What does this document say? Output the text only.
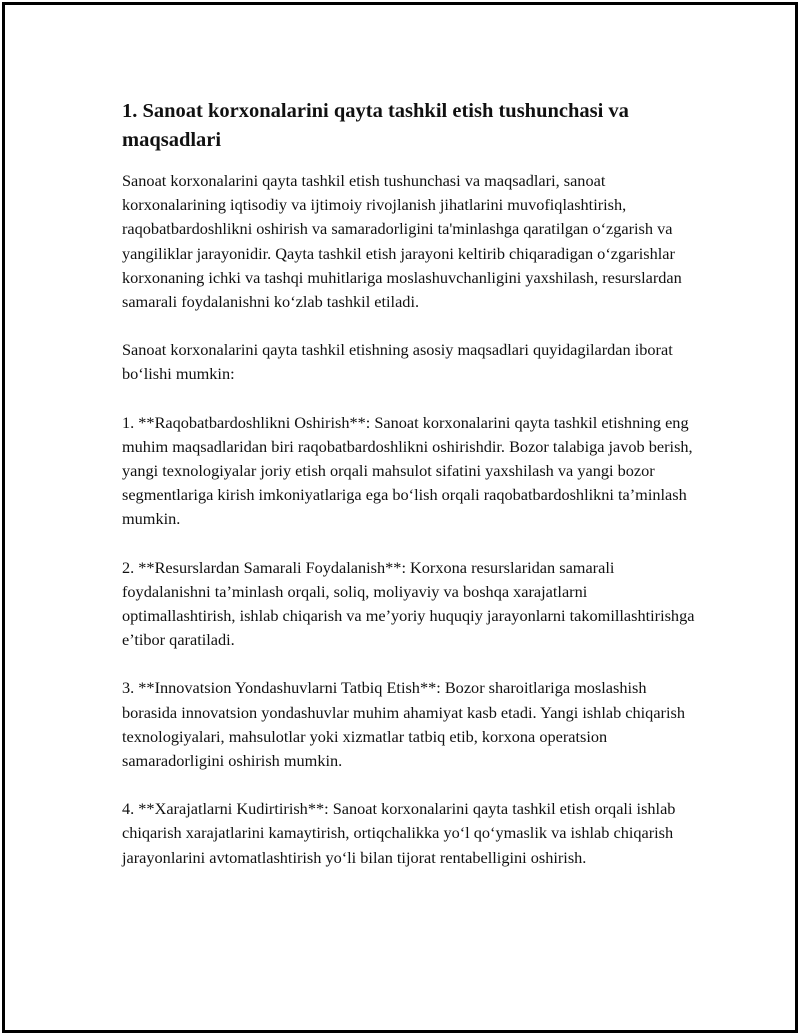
1. Sanoat korxonalarini qayta tashkil etish tushunchasi va maqsadlari

Sanoat korxonalarini qayta tashkil etish tushunchasi va maqsadlari, sanoat korxonalarining iqtisodiy va ijtimoiy rivojlanish jihatlarini muvofiqlashtirish, raqobatbardoshlikni oshirish va samaradorligini ta'minlashga qaratilgan o‘zgarish va yangiliklar jarayonidir. Qayta tashkil etish jarayoni keltirib chiqaradigan o‘zgarishlar korxonaning ichki va tashqi muhitlariga moslashuvchanligini yaxshilash, resurslardan samarali foydalanishni ko‘zlab tashkil etiladi.

Sanoat korxonalarini qayta tashkil etishning asosiy maqsadlari quyidagilardan iborat bo‘lishi mumkin:

1. **Raqobatbardoshlikni Oshirish**: Sanoat korxonalarini qayta tashkil etishning eng muhim maqsadlaridan biri raqobatbardoshlikni oshirishdir. Bozor talabiga javob berish, yangi texnologiyalar joriy etish orqali mahsulot sifatini yaxshilash va yangi bozor segmentlariga kirish imkoniyatlariga ega bo‘lish orqali raqobatbardoshlikni ta’minlash mumkin.

2. **Resurslardan Samarali Foydalanish**: Korxona resurslaridan samarali foydalanishni ta’minlash orqali, soliq, moliyaviy va boshqa xarajatlarni optimallashtirish, ishlab chiqarish va me’yoriy huquqiy jarayonlarni takomillashtirishga e’tibor qaratiladi.

3. **Innovatsion Yondashuvlarni Tatbiq Etish**: Bozor sharoitlariga moslashish borasida innovatsion yondashuvlar muhim ahamiyat kasb etadi. Yangi ishlab chiqarish texnologiyalari, mahsulotlar yoki xizmatlar tatbiq etib, korxona operatsion samaradorligini oshirish mumkin.

4. **Xarajatlarni Kudirtirish**: Sanoat korxonalarini qayta tashkil etish orqali ishlab chiqarish xarajatlarini kamaytirish, ortiqchalikka yo‘l qo‘ymaslik va ishlab chiqarish jarayonlarini avtomatlashtirish yo‘li bilan tijorat rentabelligini oshirish.
